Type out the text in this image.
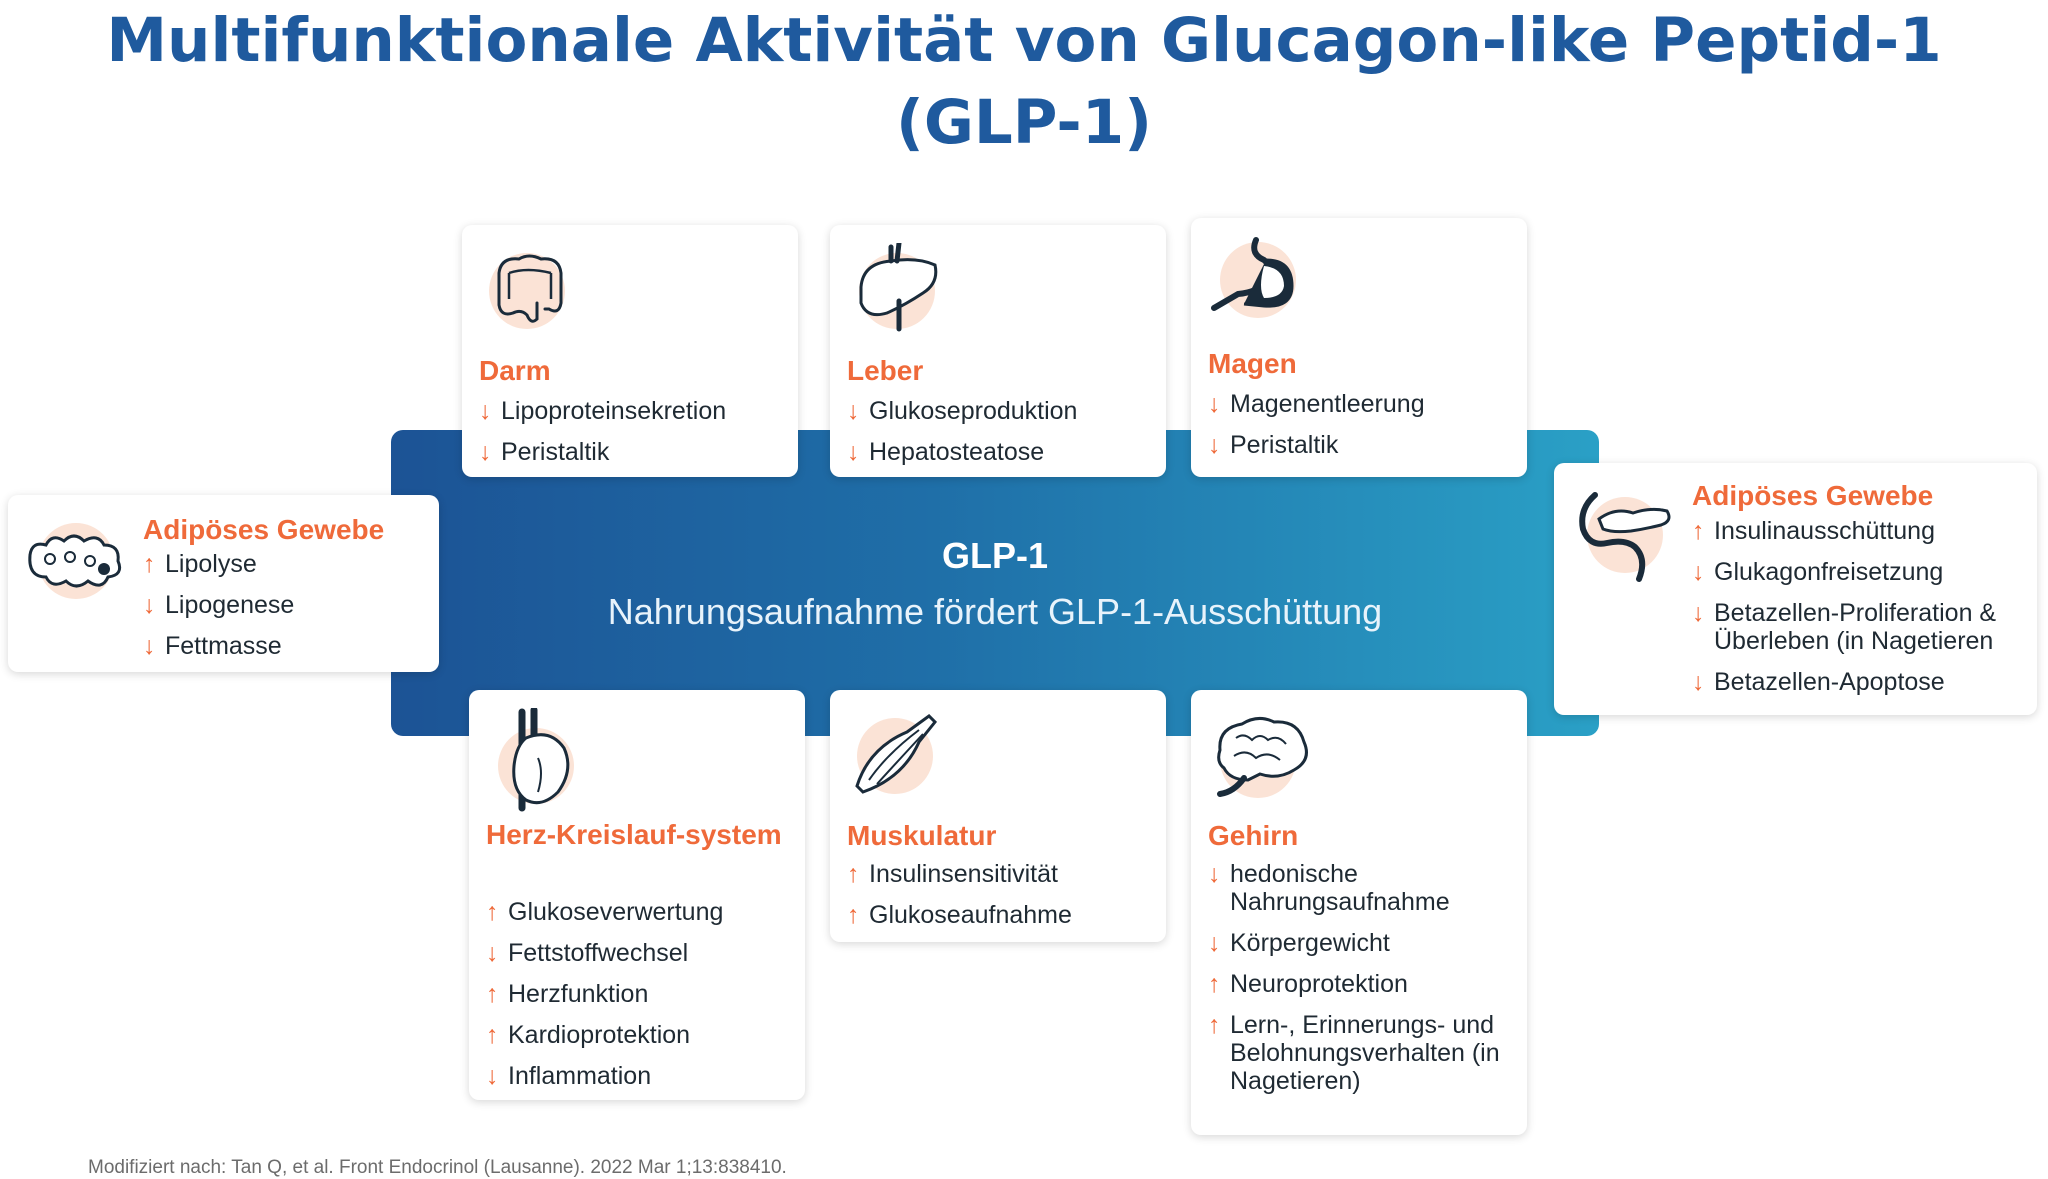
Multifunktionale Aktivität von Glucagon-like Peptid-1
(GLP-1)
GLP-1
Nahrungsaufnahme fördert GLP-1-Ausschüttung
Darm
↓ Lipoproteinsekretion
↓ Peristaltik
Leber
↓ Glukoseproduktion
↓ Hepatosteatose
Magen
↓ Magenentleerung
↓ Peristaltik
Adipöses Gewebe
↑ Lipolyse
↓ Lipogenese
↓ Fettmasse
Adipöses Gewebe
↑ Insulinausschüttung
↓ Glukagonfreisetzung
↓ Betazellen-Proliferation & Überleben (in Nagetieren
↓ Betazellen-Apoptose
Herz-Kreislauf-system
↑ Glukoseverwertung
↓ Fettstoffwechsel
↑ Herzfunktion
↑ Kardioprotektion
↓ Inflammation
Muskulatur
↑ Insulinsensitivität
↑ Glukoseaufnahme
Gehirn
↓ hedonische Nahrungsaufnahme
↓ Körpergewicht
↑ Neuroprotektion
↑ Lern-, Erinnerungs- und Belohnungsverhalten (in Nagetieren)
Modifiziert nach: Tan Q, et al. Front Endocrinol (Lausanne). 2022 Mar 1;13:838410.
